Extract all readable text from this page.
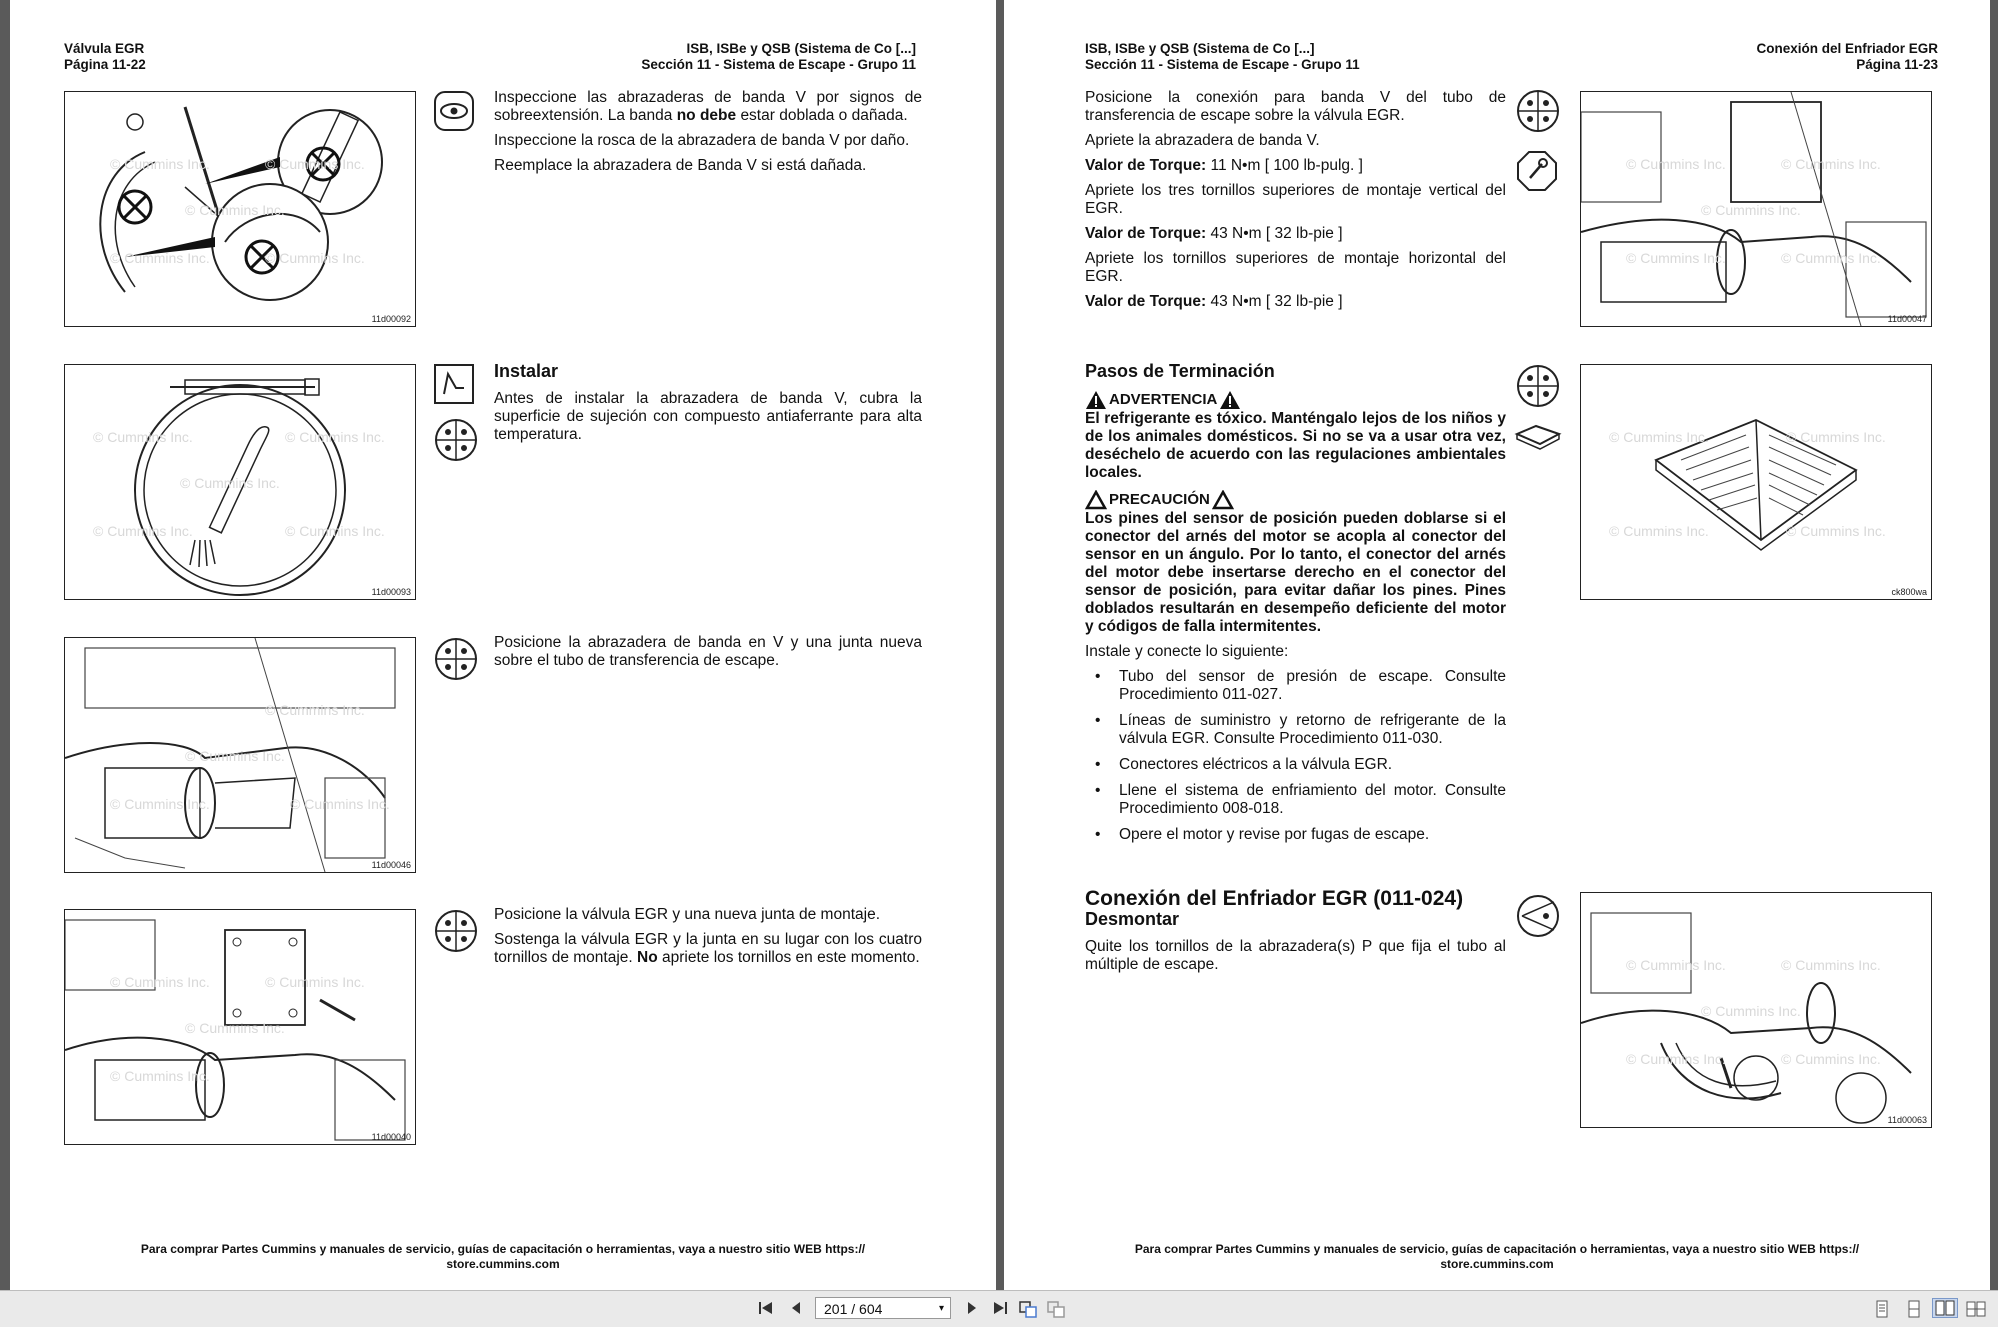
Válvula EGR
Página 11-22
ISB, ISBe y QSB (Sistema de Co [...]
Sección 11 - Sistema de Escape - Grupo 11
© Cummins Inc.	© Cummins Inc.
© Cummins Inc.
© Cummins Inc.	© Cummins Inc.
11d00092

Inspeccione las abrazaderas de banda V por signos de sobreextensión. La banda no debe estar doblada o dañada.

Inspeccione la rosca de la abrazadera de banda V por daño.

Reemplace la abrazadera de Banda V si está dañada.

© Cummins Inc.	© Cummins Inc.
© Cummins Inc.
© Cummins Inc.	© Cummins Inc.
11d00093
Instalar

Antes de instalar la abrazadera de banda V, cubra la superficie de sujeción con compuesto antiaferrante para alta temperatura.

© Cummins Inc.
© Cummins Inc.
© Cummins Inc.	© Cummins Inc.
11d00046

Posicione la abrazadera de banda en V y una junta nueva sobre el tubo de transferencia de escape.

© Cummins Inc.	© Cummins Inc.
© Cummins Inc.
© Cummins Inc.
11d00040

Posicione la válvula EGR y una nueva junta de montaje.

Sostenga la válvula EGR y la junta en su lugar con los cuatro tornillos de montaje. No apriete los tornillos en este momento.

Para comprar Partes Cummins y manuales de servicio, guías de capacitación o herramientas, vaya a nuestro sitio WEB https://
store.cummins.com
ISB, ISBe y QSB (Sistema de Co [...]
Sección 11 - Sistema de Escape - Grupo 11
Conexión del Enfriador EGR
Página 11-23

Posicione la conexión para banda V del tubo de transferencia de escape sobre la válvula EGR.

Apriete la abrazadera de banda V.

Valor de Torque: 11 N•m [ 100 lb-pulg. ]

Apriete los tres tornillos superiores de montaje vertical del EGR.

Valor de Torque: 43 N•m [ 32 lb-pie ]

Apriete los tornillos superiores de montaje horizontal del EGR.

Valor de Torque: 43 N•m [ 32 lb-pie ]

© Cummins Inc.	© Cummins Inc.
© Cummins Inc.
© Cummins Inc.	© Cummins Inc.
11d00047
Pasos de Terminación
ADVERTENCIA

El refrigerante es tóxico. Manténgalo lejos de los niños y de los animales domésticos. Si no se va a usar otra vez, deséchelo de acuerdo con las regulaciones ambientales locales.

PRECAUCIÓN

Los pines del sensor de posición pueden doblarse si el conector del arnés del motor se acopla al conector del sensor en un ángulo. Por lo tanto, el conector del arnés del motor debe insertarse derecho en el conector del sensor de posición, para evitar dañar los pines. Pines doblados resultarán en desempeño deficiente del motor y códigos de falla intermitentes.

Instale y conecte lo siguiente:

• Tubo del sensor de presión de escape. Consulte Procedimiento 011-027.
• Líneas de suministro y retorno de refrigerante de la válvula EGR. Consulte Procedimiento 011-030.
• Conectores eléctricos a la válvula EGR.
• Llene el sistema de enfriamiento del motor. Consulte Procedimiento 008-018.
• Opere el motor y revise por fugas de escape.
© Cummins Inc.	© Cummins Inc.
© Cummins Inc.	© Cummins Inc.
ck800wa
Conexión del Enfriador EGR (011-024)
Desmontar

Quite los tornillos de la abrazadera(s) P que fija el tubo al múltiple de escape.	© Cummins Inc.	© Cummins Inc.
© Cummins Inc.
© Cummins Inc.	© Cummins Inc.
11d00063
Para comprar Partes Cummins y manuales de servicio, guías de capacitación o herramientas, vaya a nuestro sitio WEB https://
store.cummins.com
201 / 604	▾
